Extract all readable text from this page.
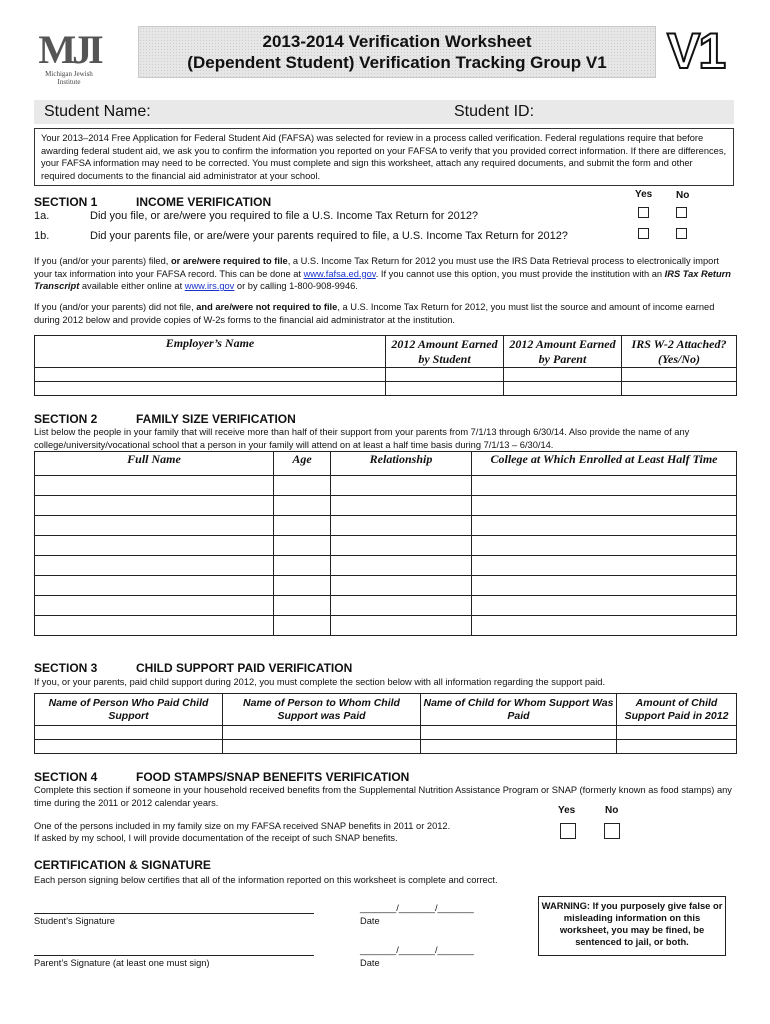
MJI
Michigan Jewish
Institute
2013-2014 Verification Worksheet
(Dependent Student) Verification Tracking Group V1	V1
Student Name:	Student ID:
Your 2013–2014 Free Application for Federal Student Aid (FAFSA) was selected for review in a process called verification. Federal regulations require that before awarding federal student aid, we ask you to confirm the information you reported on your FAFSA to verify that you provided correct information. If there are differences, your FAFSA information may need to be corrected. You must complete and sign this worksheet, attach any required documents, and submit the form and other required documents to the financial aid administrator at your school.
SECTION 1	INCOME VERIFICATION
Yes No
1a.	Did you file, or are/were you required to file a U.S. Income Tax Return for 2012?
1b.	Did your parents file, or are/were your parents required to file, a U.S. Income Tax Return for 2012?
If you (and/or your parents) filed, or are/were required to file, a U.S. Income Tax Return for 2012 you must use the IRS Data Retrieval process to electronically import your tax information into your FAFSA record. This can be done at www.fafsa.ed.gov. If you cannot use this option, you must provide the institution with an IRS Tax Return Transcript available either online at www.irs.gov or by calling 1-800-908-9946.
If you (and/or your parents) did not file, and are/were not required to file, a U.S. Income Tax Return for 2012, you must list the source and amount of income earned during 2012 below and provide copies of W-2s forms to the financial aid administrator at the institution.
Employer’s Name	2012 Amount Earned by Student	2012 Amount Earned by Parent	IRS W-2 Attached? (Yes/No)

SECTION 2	FAMILY SIZE VERIFICATION
List below the people in your family that will receive more than half of their support from your parents from 7/1/13 through 6/30/14. Also provide the name of any college/university/vocational school that a person in your family will attend on at least a half time basis during 7/1/13 – 6/30/14.
Full Name	Age	Relationship	College at Which Enrolled at Least Half Time

SECTION 3	CHILD SUPPORT PAID VERIFICATION
If you, or your parents, paid child support during 2012, you must complete the section below with all information regarding the support paid.
Name of Person Who Paid Child Support	Name of Person to Whom Child Support was Paid	Name of Child for Whom Support Was Paid	Amount of Child Support Paid in 2012

SECTION 4	FOOD STAMPS/SNAP BENEFITS VERIFICATION
Complete this section if someone in your household received benefits from the Supplemental Nutrition Assistance Program or SNAP (formerly known as food stamps) any time during the 2011 or 2012 calendar years.
Yes	No
One of the persons included in my family size on my FAFSA received SNAP benefits in 2011 or 2012.
If asked by my school, I will provide documentation of the receipt of such SNAP benefits.
CERTIFICATION & SIGNATURE
Each person signing below certifies that all of the information reported on this worksheet is complete and correct.
Student’s Signature
_______/_______/_______
Date
Parent’s Signature (at least one must sign)
_______/_______/_______
Date
WARNING: If you purposely give false or misleading information on this worksheet, you may be fined, be sentenced to jail, or both.
